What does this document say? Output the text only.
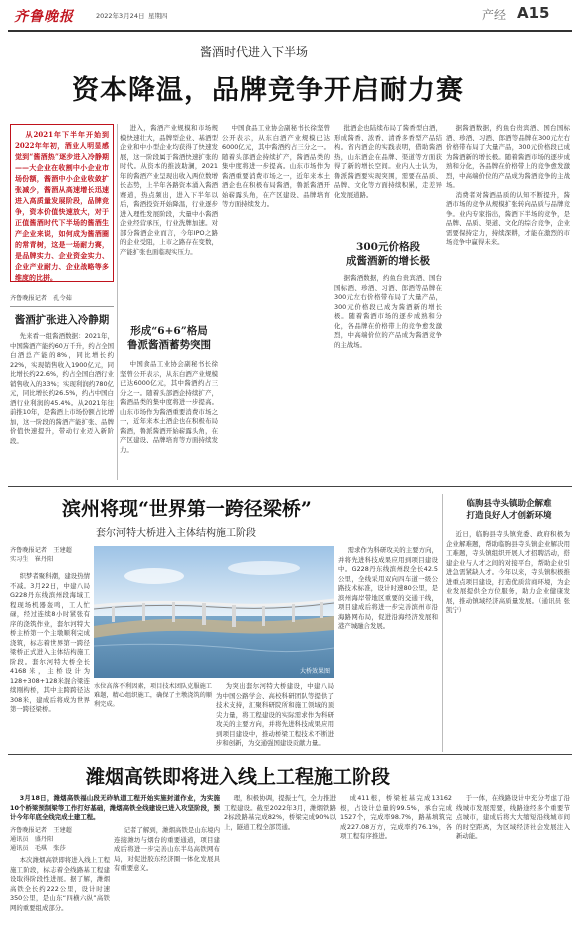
齐鲁晚报	2022年3月24日 星期四	产经 A15
酱酒时代进入下半场
资本降温，品牌竞争开启耐力赛

从2021年下半年开始到2022年年初，酒业人明显感觉到“酱酒热”逐步进入冷静期——大企业在收割中小企业市场份额，酱酒中小企业收敛扩张减少，酱酒从高速增长迅速进入高质量发展阶段，品牌竞争，资本价值快速放大，对于正值酱酒时代下半场的酱酒生产企业来说，如何成为酱酒圈的常青树，这是一场耐力赛，是品牌实力、企业资金实力、企业产业耐力、企业战略等多维度的比拼。

齐鲁晚报记者　孔令茹
酱酒扩张进入冷静期

先来看一组酱酒数据：2021年，中国酱酒产能约60万千升，约占全国白酒总产能的8%，同比增长约22%，实现销售收入1900亿元，同比增长约22.6%，约占全国白酒行业销售收入的33%；实现利润约780亿元，同比增长约26.5%，约占中国白酒行业利润的45.4%。从2021年往前推10年，是酱酒上市场份额占比增加，这一阶段的酱酒产能扩张、品牌价值快速提升，带动行业迈入新阶段。

进入，酱酒产业规模和市场规模快速壮大，品牌型企业、基酒型企业和中小型企业均获得了快速发展，这一阶段属于酱酒快速扩张的时代。从资本的推波助澜，2021年的酱酒产业呈现出收入两位数增长态势，上半年各路资本涌入酱酒赛道，热点频出，进入下半年以后，酱酒投资开始降温，行业逐步进入理性发展阶段，大量中小酱酒企业经营承压，行业洗牌加速。对部分酱酒企业而言，今年IPO之路的企业受阻，上市之路存在变数，产能扩张也面临现实压力。

形成“6+6”格局
鲁派酱酒蓄势突围

中国食品工业协会副秘书长徐坚曾公开表示，从东白酒产业规模已达6000亿元，其中酱酒约占三分之一。随着头部酒企持续扩产，酱酒品类的集中度将进一步提高。山东市场作为酱酒重要消费市场之一，近年来本土酒企也在积极布局酱酒，鲁派酱酒开始崭露头角，在产区建设、品牌培育等方面持续发力。

中国食品工业协会副秘书长徐坚曾公开表示，从东白酒产业规模已达6000亿元，其中酱酒约占三分之一。随着头部酒企持续扩产，酱酒品类的集中度将进一步提高。山东市场作为酱酒重要消费市场之一，近年来本土酒企也在积极布局酱酒，鲁派酱酒开始崭露头角，在产区建设、品牌培育等方面持续发力。

批酒企也陆续布局了酱香型白酒，形成酱香、浓香、清香多香型产品结构。省内酒企的实践表明，借助酱酒热，山东酒企在品牌、渠道等方面获得了新的增长空间。业内人士认为，鲁派酱酒要实现突围，需要在品质、品牌、文化等方面持续积累，走差异化发展道路。

300元价格段
成酱酒新的增长极

据酱酒数据，约鱼台贵宾酒、国台国标酒、珍酒、习酒、郎酒等品牌在300元左右价格带布局了大量产品，300元价格段已成为酱酒新的增长极。随着酱酒市场的逐步成熟和分化，各品牌在价格带上的竞争愈发激烈，中高端价位的产品成为酱酒竞争的主战场。

据酱酒数据，约鱼台贵宾酒、国台国标酒、珍酒、习酒、郎酒等品牌在300元左右价格带布局了大量产品，300元价格段已成为酱酒新的增长极。随着酱酒市场的逐步成熟和分化，各品牌在价格带上的竞争愈发激烈，中高端价位的产品成为酱酒竞争的主战场。

消费者对酱酒品质的认知不断提升，酱酒市场的竞争从规模扩张转向品质与品牌竞争。业内专家指出，酱酒下半场的竞争，是品牌、品质、渠道、文化的综合竞争，企业需要保持定力，持续深耕，才能在激烈的市场竞争中赢得未来。

滨州将现“世界第一跨径梁桥”
套尔河特大桥进入主体结构施工阶段
齐鲁晚报记者　王建超
实习生　崔丹阳

织梦者聚科潮，建设热情不减。3月22日，中建八局G228丹东线滨州段海域工程现场机器轰鸣，工人忙碌，经过连续8小时紧张有序的浇筑作业，套尔河特大桥主桥第一个主墩顺利完成浇筑，标志着世界第一跨径梁桥正式进入主体结构施工阶段。套尔河特大桥全长4168米，主桥设计为128+308+128米混合梁连续刚构桥，其中主跨跨径达308米，建成后将成为世界第一跨径梁桥。

大桥效果图
水位高落不利因素，项目技术团队克服施工难题，精心组织施工，确保了主墩浇筑的顺利完成。

为突出套尔河特大桥建设，中建八局为中国公路学会、高校科研团队等提供了技术支持，汇聚科研院所和施工领域的顶尖力量，将工程建设的实际需求作为科研攻关的主要方向，并将先进科技成果应用到项目建设中，推动桥梁工程技术不断进步和创新，为交通强国建设贡献力量。

需求作为科研攻关的主要方向，并将先进科技成果应用到项目建设中。G228丹东线滨州段全长42.5公里，全线采用双向四车道一级公路技术标准，设计时速80公里，是滨州海岸带地区重要的交通干线，项目建成后将进一步完善滨州市沿海路网布局，促进沿海经济发展和港产城融合发展。

临朐县寺头镇助企解难
打造良好人才创新环境

近日，临朐县寺头镇党委、政府积极为企业解难题，帮助临朐县寺头镇企业解决用工难题，寺头镇组织开展人才招聘活动，搭建企业与人才之间的对接平台，帮助企业引进急需紧缺人才。今年以来，寺头镇积极推进重点项目建设，打造优质营商环境，为企业发展提供全方位服务，助力企业健康发展，推动镇域经济高质量发展。（通讯员 张凯宁）

潍烟高铁即将进入线上工程施工阶段

3月18日，潍烟高铁福山段无砟轨道工程开始实施封道作业，为实施10个桥梁预制梁等工作打好基础，潍烟高铁全线建设已进入攻坚阶段，预计今年年底全线完成土建工程。

齐鲁晚报记者　王建超
通讯员　盛丹阳
通讯员　毛琪　张莎

本次潍烟高铁即将进入线上工程施工阶段，标志着全线路基工程建设取得阶段性进展。据了解，潍烟高铁全长约222公里，设计时速350公里，是山东“四横六纵”高铁网的重要组成部分。

记者了解到，潍烟高铁是山东境内连接潍坊与烟台的重要通道，项目建成后将进一步完善山东半岛高铁网布局，对促进胶东经济圈一体化发展具有重要意义。

理，积极协调，提振士气，全力推进工程建设。截至2022年3月，潍烟铁路2标段路基完成82%，桥梁完成90%以上，隧道工程全部贯通。

成411根，桥梁桩基完成13162根，占设计总量的99.5%，承台完成1527个，完成率98.7%，路基填筑完成227.08万方，完成率约76.1%，各项工程有序推进。

于一体，在线路设计中充分考虑了沿线城市发展需要，线路途经多个重要节点城市，建成后将大大缩短沿线城市间的时空距离，为区域经济社会发展注入新动能。
